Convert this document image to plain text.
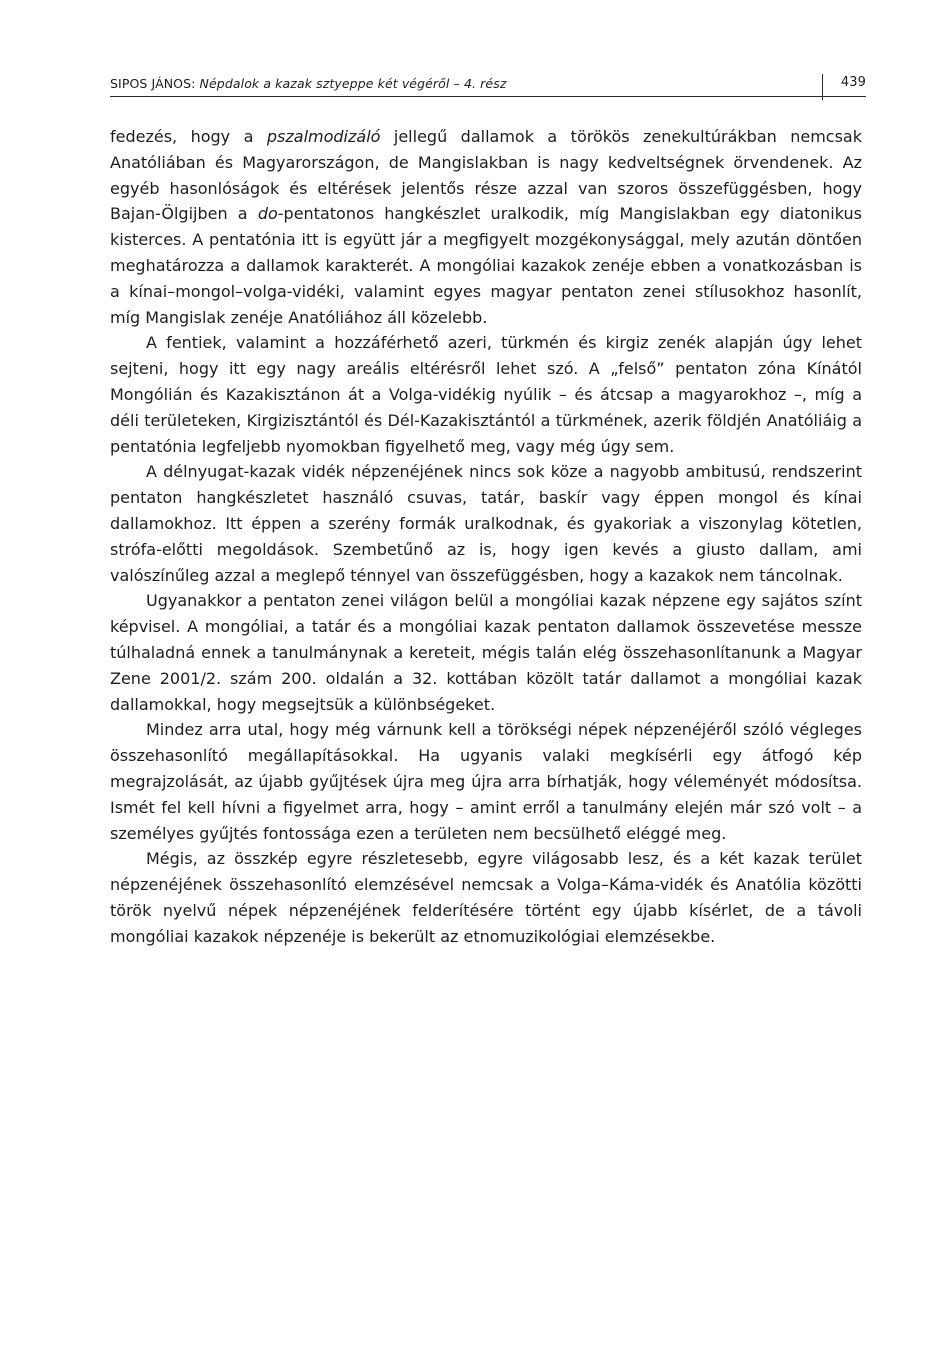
SIPOS JÁNOS: Népdalok a kazak sztyeppe két végéről – 4. rész	439

fedezés, hogy a pszalmodizáló jellegű dallamok a törökös zenekultúrákban nemcsak Anatóliában és Magyarországon, de Mangislakban is nagy kedveltségnek örvendenek. Az egyéb hasonlóságok és eltérések jelentős része azzal van szoros összefüggésben, hogy Bajan-Ölgijben a do-pentatonos hangkészlet uralkodik, míg Mangislakban egy diatonikus kisterces. A pentatónia itt is együtt jár a megfigyelt mozgékonysággal, mely azután döntően meghatározza a dallamok karakterét. A mongóliai kazakok zenéje ebben a vonatkozásban is a kínai–mongol–volga-vidéki, valamint egyes magyar pentaton zenei stílusokhoz hasonlít, míg Mangislak zenéje Anatóliához áll közelebb.

A fentiek, valamint a hozzáférhető azeri, türkmén és kirgiz zenék alapján úgy lehet sejteni, hogy itt egy nagy areális eltérésről lehet szó. A „felső” pentaton zóna Kínától Mongólián és Kazakisztánon át a Volga-vidékig nyúlik – és átcsap a magyarokhoz –, míg a déli területeken, Kirgizisztántól és Dél-Kazakisztántól a türkmének, azerik földjén Anatóliáig a pentatónia legfeljebb nyomokban figyelhető meg, vagy még úgy sem.

A délnyugat-kazak vidék népzenéjének nincs sok köze a nagyobb ambitusú, rendszerint pentaton hangkészletet használó csuvas, tatár, baskír vagy éppen mongol és kínai dallamokhoz. Itt éppen a szerény formák uralkodnak, és gyakoriak a viszonylag kötetlen, strófa-előtti megoldások. Szembetűnő az is, hogy igen kevés a giusto dallam, ami valószínűleg azzal a meglepő ténnyel van összefüggésben, hogy a kazakok nem táncolnak.

Ugyanakkor a pentaton zenei világon belül a mongóliai kazak népzene egy sajátos színt képvisel. A mongóliai, a tatár és a mongóliai kazak pentaton dallamok összevetése messze túlhaladná ennek a tanulmánynak a kereteit, mégis talán elég összehasonlítanunk a Magyar Zene 2001/2. szám 200. oldalán a 32. kottában közölt tatár dallamot a mongóliai kazak dallamokkal, hogy megsejtsük a különbségeket.

Mindez arra utal, hogy még várnunk kell a törökségi népek népzenéjéről szóló végleges összehasonlító megállapításokkal. Ha ugyanis valaki megkísérli egy átfogó kép megrajzolását, az újabb gyűjtések újra meg újra arra bírhatják, hogy véleményét módosítsa. Ismét fel kell hívni a figyelmet arra, hogy – amint erről a tanulmány elején már szó volt – a személyes gyűjtés fontossága ezen a területen nem becsülhető eléggé meg.

Mégis, az összkép egyre részletesebb, egyre világosabb lesz, és a két kazak terület népzenéjének összehasonlító elemzésével nemcsak a Volga–Káma-vidék és Anatólia közötti török nyelvű népek népzenéjének felderítésére történt egy újabb kísérlet, de a távoli mongóliai kazakok népzenéje is bekerült az etnomuzikológiai elemzésekbe.
